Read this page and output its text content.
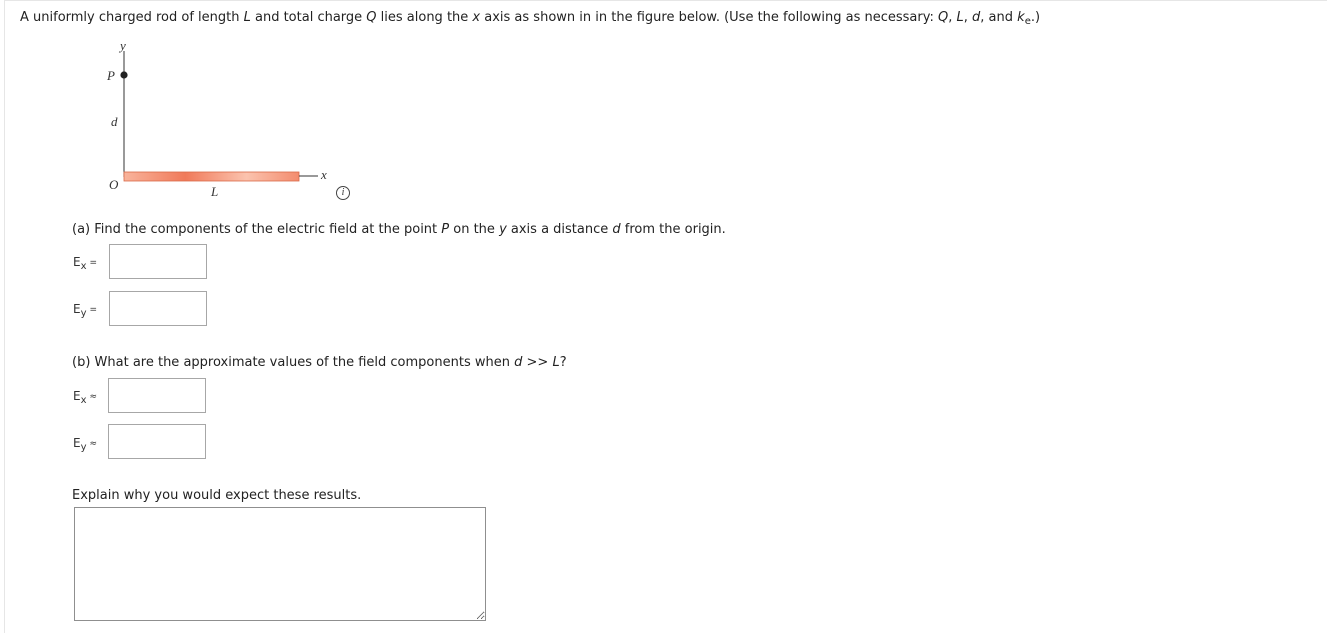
A uniformly charged rod of length L and total charge Q lies along the x axis as shown in in the figure below. (Use the following as necessary: Q, L, d, and $k_e$.)
y
x
P
d
O	L	i
(a) Find the components of the electric field at the point P on the y axis a distance d from the origin.
$E_x$ =
$E_y$ =
(b) What are the approximate values of the field components when d >> L?
$E_x$ ≈
$E_y$ ≈
Explain why you would expect these results.
